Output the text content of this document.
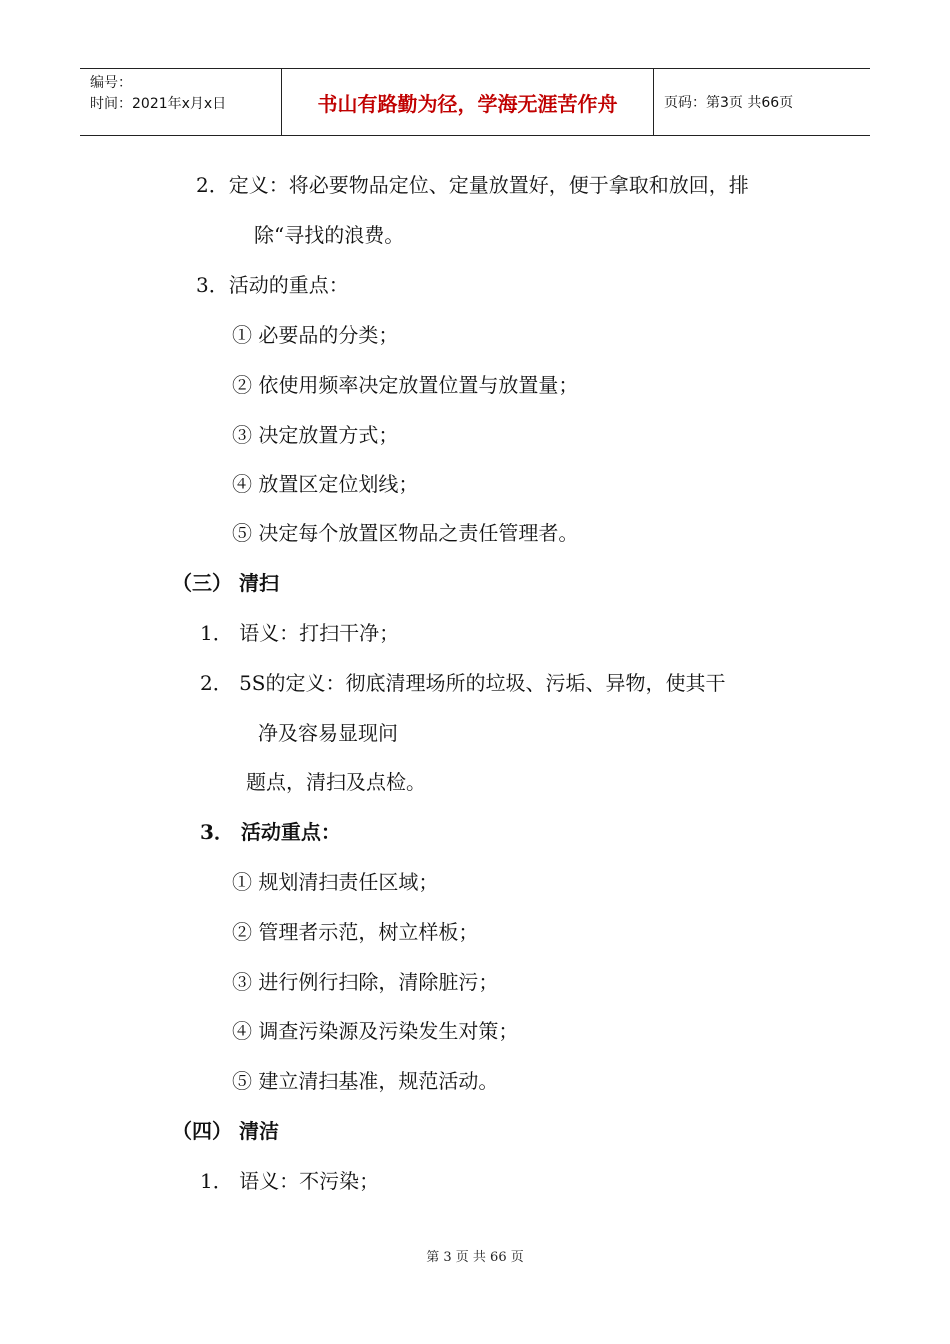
编号：
时间：2021年x月x日	书山有路勤为径，学海无涯苦作舟	页码：第3页 共66页
2．定义：将必要物品定位、定量放置好，便于拿取和放回，排
除“寻找的浪费。
3．活动的重点：
① 必要品的分类；
② 依使用频率决定放置位置与放置量；
③ 决定放置方式；
④ 放置区定位划线；
⑤ 决定每个放置区物品之责任管理者。
（三） 清扫
1． 语义：打扫干净；
2． 5S的定义：彻底清理场所的垃圾、污垢、异物，使其干
净及容易显现问
题点，清扫及点检。
3． 活动重点：
① 规划清扫责任区域；
② 管理者示范，树立样板；
③ 进行例行扫除，清除脏污；
④ 调查污染源及污染发生对策；
⑤ 建立清扫基准，规范活动。
（四） 清洁
1． 语义：不污染；
第 3 页 共 66 页
